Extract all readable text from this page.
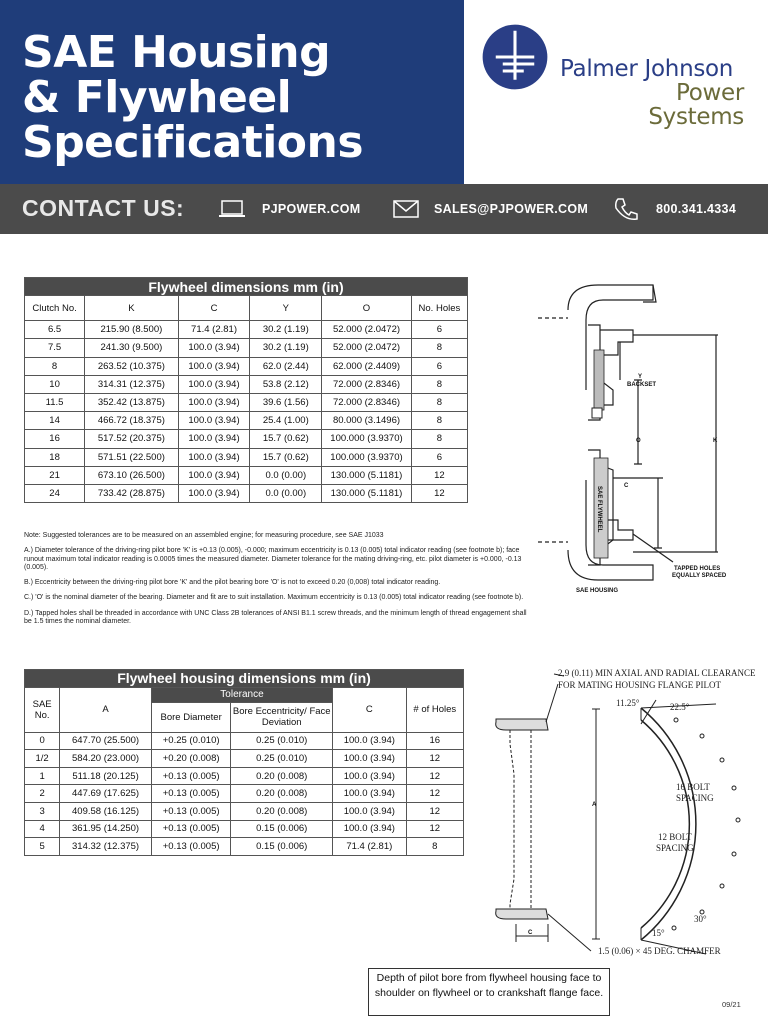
SAE Housing
& Flywheel
Specifications
Palmer Johnson
Power
Systems
CONTACT US:	PJPOWER.COM	SALES@PJPOWER.COM	800.341.4334
Flywheel dimensions mm (in)					
Clutch No.	K	C	Y	O	No. Holes
6.5	215.90 (8.500)	71.4 (2.81)	30.2 (1.19)	52.000 (2.0472)	6
7.5	241.30 (9.500)	100.0 (3.94)	30.2 (1.19)	52.000 (2.0472)	8
8	263.52 (10.375)	100.0 (3.94)	62.0 (2.44)	62.000 (2.4409)	6
10	314.31 (12.375)	100.0 (3.94)	53.8 (2.12)	72.000 (2.8346)	8
11.5	352.42 (13.875)	100.0 (3.94)	39.6 (1.56)	72.000 (2.8346)	8
14	466.72 (18.375)	100.0 (3.94)	25.4 (1.00)	80.000 (3.1496)	8
16	517.52 (20.375)	100.0 (3.94)	15.7 (0.62)	100.000 (3.9370)	8
18	571.51 (22.500)	100.0 (3.94)	15.7 (0.62)	100.000 (3.9370)	6
21	673.10 (26.500)	100.0 (3.94)	0.0 (0.00)	130.000 (5.1181)	12
24	733.42 (28.875)	100.0 (3.94)	0.0 (0.00)	130.000 (5.1181)	12

Note: Suggested tolerances are to be measured on an assembled engine; for measuring procedure, see SAE J1033

A.) Diameter tolerance of the driving-ring pilot bore 'K' is +0.13 (0.005), -0.000; maximum eccentricity is 0.13 (0.005) total indicator reading (see footnote b); face runout maximum total indicator reading is 0.0005 times the measured diameter. Diameter tolerance for the mating driving-ring, etc. pilot diameter is +0.000, -0.13 (0.005).

B.) Eccentricity between the driving-ring pilot bore 'K' and the pilot bearing bore 'O' is not to exceed 0.20 (0,008) total indicator reading.

C.) 'O' is the nominal diameter of the bearing. Diameter and fit are to suit installation. Maximum eccentricity is 0.13 (0.005) total indicator reading (see footnote b).

D.) Tapped holes shall be threaded in accordance with UNC Class 2B tolerances of ANSI B1.1 screw threads, and the minimum length of thread engagement shall be 1.5 times the nominal diameter.

Y
BACKSET
O	K
C
SAE FLYWHEEL
TAPPED HOLES
EQUALLY SPACED
SAE HOUSING
Flywheel housing dimensions mm (in)					
SAE No.	A	Tolerance		C	# of Holes
		Bore Diameter	Bore Eccentricity/ Face Deviation		
0	647.70 (25.500)	+0.25 (0.010)	0.25 (0.010)	100.0 (3.94)	16
1/2	584.20 (23.000)	+0.20 (0.008)	0.25 (0.010)	100.0 (3.94)	12
1	511.18 (20.125)	+0.13 (0.005)	0.20 (0.008)	100.0 (3.94)	12
2	447.69 (17.625)	+0.13 (0.005)	0.20 (0.008)	100.0 (3.94)	12
3	409.58 (16.125)	+0.13 (0.005)	0.20 (0.008)	100.0 (3.94)	12
4	361.95 (14.250)	+0.13 (0.005)	0.15 (0.006)	100.0 (3.94)	12
5	314.32 (12.375)	+0.13 (0.005)	0.15 (0.006)	71.4 (2.81)	8
2.9 (0.11) MIN AXIAL AND RADIAL CLEARANCE
FOR MATING HOUSING FLANGE PILOT
11.25°	22.5°
16 BOLT
SPACING
12 BOLT
SPACING
A
C
30°
15°
1.5 (0.06) × 45 DEG. CHAMFER
Depth of pilot bore from flywheel housing face to shoulder on flywheel or to crankshaft flange face.
09/21
